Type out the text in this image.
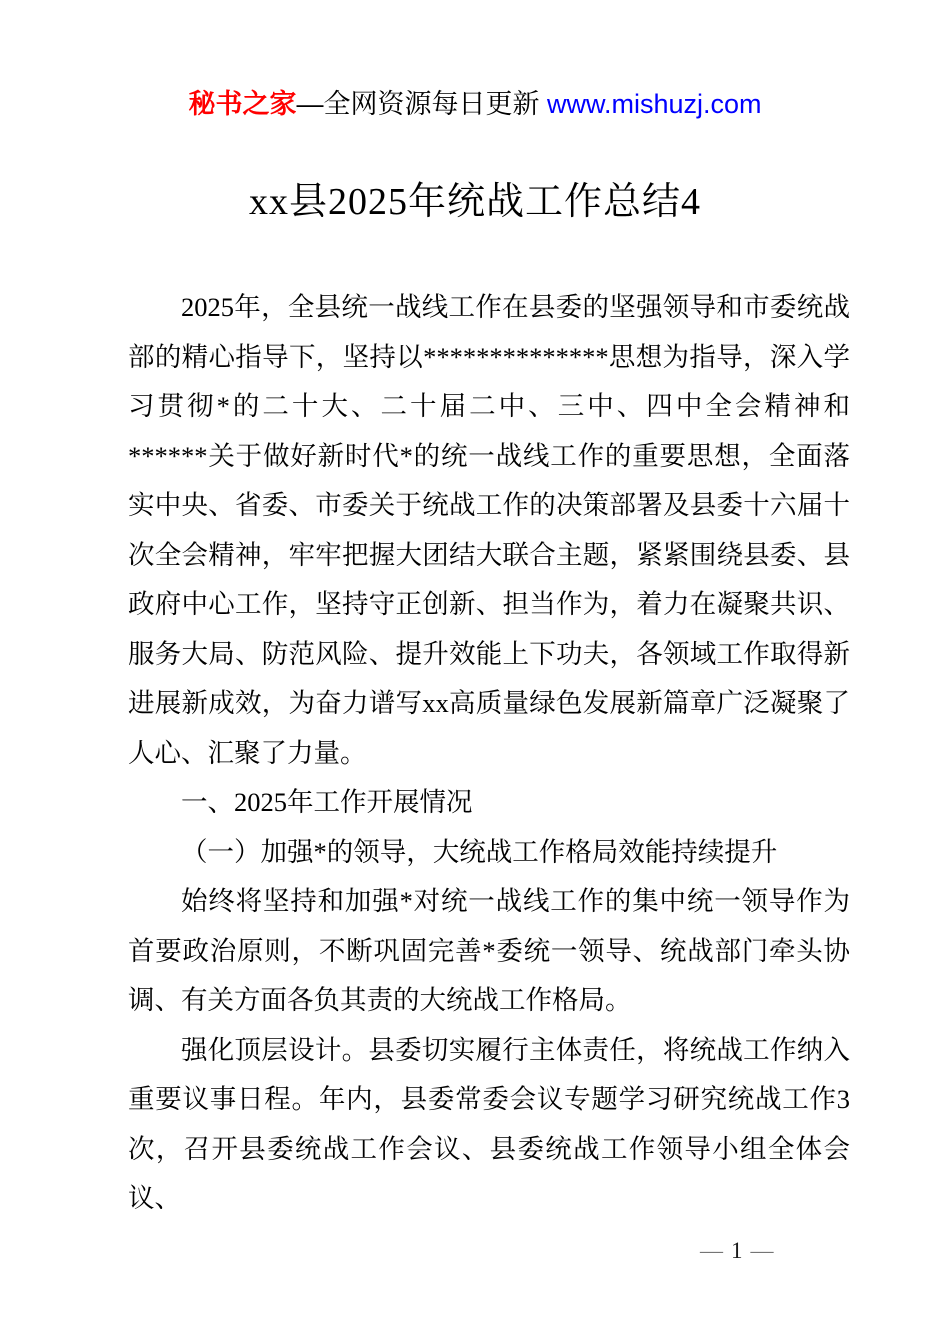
秘书之家—全网资源每日更新 www.mishuzj.com
xx县2025年统战工作总结4

2025年，全县统一战线工作在县委的坚强领导和市委统战部的精心指导下，坚持以**************思想为指导，深入学习贯彻*的二十大、二十届二中、三中、四中全会精神和******关于做好新时代*的统一战线工作的重要思想，全面落实中央、省委、市委关于统战工作的决策部署及县委十六届十次全会精神，牢牢把握大团结大联合主题，紧紧围绕县委、县政府中心工作，坚持守正创新、担当作为，着力在凝聚共识、服务大局、防范风险、提升效能上下功夫，各领域工作取得新进展新成效，为奋力谱写xx高质量绿色发展新篇章广泛凝聚了人心、汇聚了力量。

一、2025年工作开展情况

（一）加强*的领导，大统战工作格局效能持续提升

始终将坚持和加强*对统一战线工作的集中统一领导作为首要政治原则，不断巩固完善*委统一领导、统战部门牵头协调、有关方面各负其责的大统战工作格局。

强化顶层设计。县委切实履行主体责任，将统战工作纳入重要议事日程。年内，县委常委会议专题学习研究统战工作3次，召开县委统战工作会议、县委统战工作领导小组全体会议、

— 1 —
